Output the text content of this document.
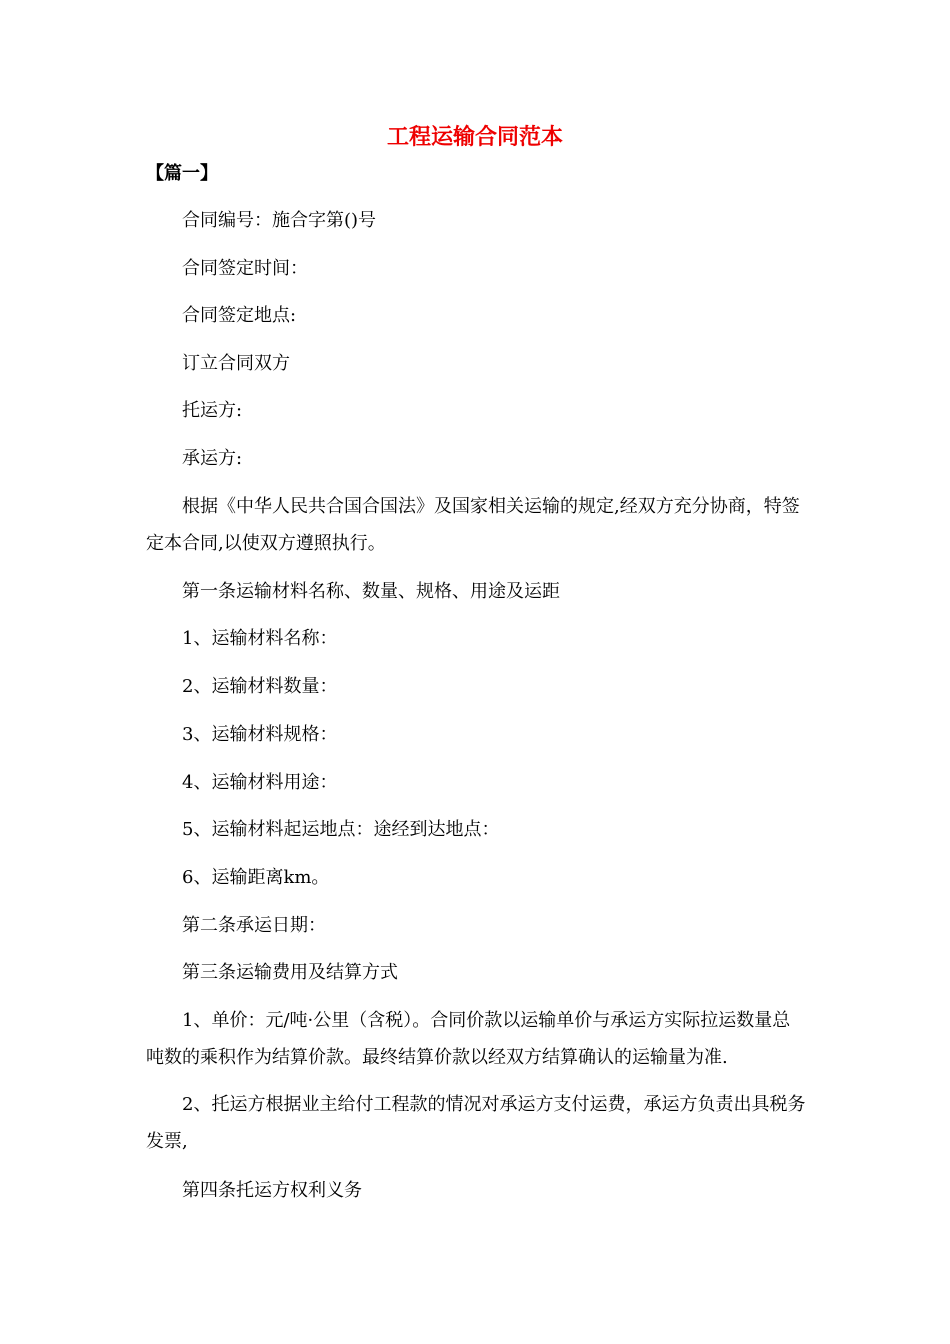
工程运输合同范本
【篇一】
合同编号：施合字第()号
合同签定时间：
合同签定地点:
订立合同双方
托运方:
承运方:
根据《中华人民共合国合国法》及国家相关运输的规定,经双方充分协商，特签定本合同,以使双方遵照执行。
第一条运输材料名称、数量、规格、用途及运距
1、运输材料名称：
2、运输材料数量：
3、运输材料规格：
4、运输材料用途：
5、运输材料起运地点：途经到达地点：
6、运输距离km。
第二条承运日期：
第三条运输费用及结算方式
1、单价：元/吨·公里（含税）。合同价款以运输单价与承运方实际拉运数量总吨数的乘积作为结算价款。最终结算价款以经双方结算确认的运输量为准.
2、托运方根据业主给付工程款的情况对承运方支付运费，承运方负责出具税务发票,
第四条托运方权利义务
